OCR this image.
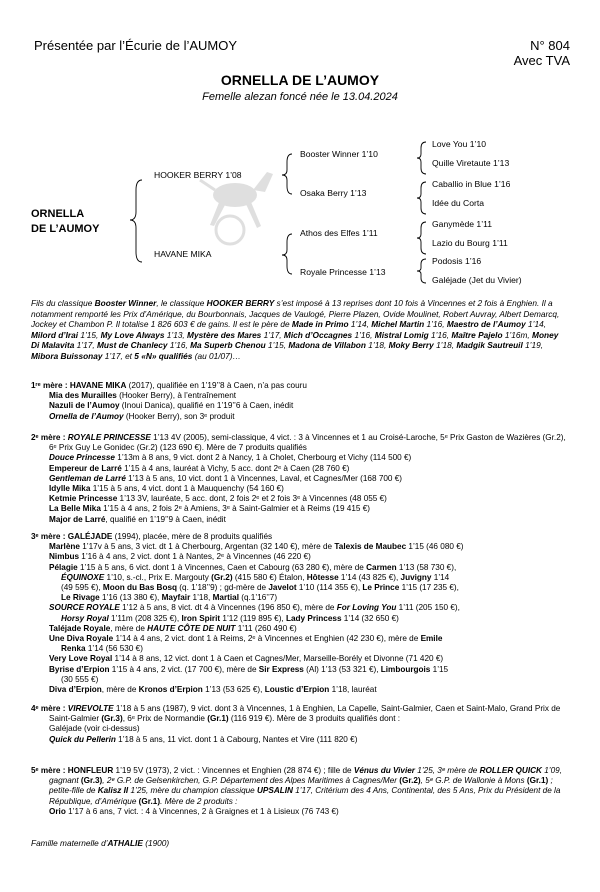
Présentée par l’Écurie de l’AUMOY	N° 804
Avec TVA
ORNELLA DE L’AUMOY
Femelle alezan foncé née le 13.04.2024
ORNELLA
DE L’AUMOY
HOOKER BERRY 1’08
HAVANE MIKA
Booster Winner 1’10
Osaka Berry 1’13
Athos des Elfes 1’11
Royale Princesse 1’13
Love You 1’10
Quille Viretaute 1’13
Caballio in Blue 1’16
Idée du Corta
Ganymède 1’11
Lazio du Bourg 1’11
Podosis 1’16
Galéjade (Jet du Vivier)
Fils du classique Booster Winner, le classique HOOKER BERRY s’est imposé à 13 reprises dont 10 fois à Vincennes et 2 fois à Enghien. Il a notamment remporté les Prix d’Amérique, du Bourbonnais, Jacques de Vaulogé, Pierre Plazen, Ovide Moulinet, Robert Auvray, Albert Demarcq, Jockey et Chambon P. Il totalise 1 826 603 € de gains. Il est le père de Made in Primo 1’14, Michel Martin 1’16, Maestro de l’Aumoy 1’14, Milord d’Irai 1’15, My Love Always 1’13, Mystère des Mares 1’17, Mich d’Occagnes 1’16, Mistral Lomig 1’16, Maître Pajelo 1’16m, Money Di Malavita 1’17, Must de Chanlecy 1’16, Ma Superb Chenou 1’15, Madona de Villabon 1’18, Moky Berry 1’18, Madgik Sautreuil 1’19, Mibora Buissonay 1’17, et 5 «N» qualifiés (au 01/07)…

1ʳᵉ mère : HAVANE MIKA (2017), qualifiée en 1’19’’8 à Caen, n’a pas couru

Mia des Murailles (Hooker Berry), à l’entraînement

Nazuli de l’Aumoy (Inoui Danica), qualifié en 1’19’’6 à Caen, inédit

Ornella de l’Aumoy (Hooker Berry), son 3ᵉ produit

2ᵉ mère : ROYALE PRINCESSE 1’13 4V (2005), semi-classique, 4 vict. : 3 à Vincennes et 1 au Croisé-Laroche, 5ᵉ Prix Gaston de Wazières (Gr.2), 6ᵉ Prix Guy Le Gonidec (Gr.2) (123 690 €). Mère de 7 produits qualifiés

Douce Princesse 1’13m à 8 ans, 9 vict. dont 2 à Nancy, 1 à Cholet, Cherbourg et Vichy (114 500 €)

Empereur de Larré 1’15 à 4 ans, lauréat à Vichy, 5 acc. dont 2ᵉ à Caen (28 760 €)

Gentleman de Larré 1’13 à 5 ans, 10 vict. dont 1 à Vincennes, Laval, et Cagnes/Mer (168 700 €)

Idylle Mika 1’15 à 5 ans, 4 vict. dont 1 à Mauquenchy (54 160 €)

Ketmie Princesse 1’13 3V, lauréate, 5 acc. dont, 2 fois 2ᵉ et 2 fois 3ᵉ à Vincennes (48 055 €)

La Belle Mika 1’15 à 4 ans, 2 fois 2ᵉ à Amiens, 3ᵉ à Saint-Galmier et à Reims (19 415 €)

Major de Larré, qualifié en 1’19’’9 à Caen, inédit

3ᵉ mère : GALÉJADE (1994), placée, mère de 8 produits qualifiés

Marlène 1’17v à 5 ans, 3 vict. dt 1 à Cherbourg, Argentan (32 140 €), mère de Talexis de Maubec 1’15 (46 080 €)

Nimbus 1’16 à 4 ans, 2 vict. dont 1 à Nantes, 2ᵉ à Vincennes (46 220 €)

Pélagie 1’15 à 5 ans, 6 vict. dont 1 à Vincennes, Caen et Cabourg (63 280 €), mère de Carmen 1’13 (58 730 €),

ÉQUINOXE 1’10, s.-cl., Prix E. Margouty (Gr.2) (415 580 €) Étalon, Hôtesse 1’14 (43 825 €), Juvigny 1’14

(49 595 €), Moon du Bas Bosq (q. 1’18’’9) ; gd-mère de Javelot 1’10 (114 355 €), Le Prince 1’15 (17 235 €),

Le Rivage 1’16 (13 380 €), Mayfair 1’18, Martial (q.1’16’’7)

SOURCE ROYALE 1’12 à 5 ans, 8 vict. dt 4 à Vincennes (196 850 €), mère de For Loving You 1’11 (205 150 €),

Horsy Royal 1’11m (208 325 €), Iron Spirit 1’12 (119 895 €), Lady Princess 1’14 (32 650 €)

Taléjade Royale, mère de HAUTE CÔTE DE NUIT 1’11 (260 490 €)

Une Diva Royale 1’14 à 4 ans, 2 vict. dont 1 à Reims, 2ᵉ à Vincennes et Enghien (42 230 €), mère de Emile

Renka 1’14 (56 530 €)

Very Love Royal 1’14 à 8 ans, 12 vict. dont 1 à Caen et Cagnes/Mer, Marseille-Borély et Divonne (71 420 €)

Byrise d’Erpion 1’15 à 4 ans, 2 vict. (17 700 €), mère de Sir Express (Al) 1’13 (53 321 €), Limbourgois 1’15

(30 555 €)

Diva d’Erpion, mère de Kronos d’Erpion 1’13 (53 625 €), Loustic d’Erpion 1’18, lauréat

4ᵉ mère : VIREVOLTE 1’18 à 5 ans (1987), 9 vict. dont 3 à Vincennes, 1 à Enghien, La Capelle, Saint-Galmier, Caen et Saint-Malo, Grand Prix de Saint-Galmier (Gr.3), 6ᵉ Prix de Normandie (Gr.1) (116 919 €). Mère de 3 produits qualifiés dont :

Galéjade (voir ci-dessus)

Quick du Pellerin 1’18 à 5 ans, 11 vict. dont 1 à Cabourg, Nantes et Vire (111 820 €)

5ᵉ mère : HONFLEUR 1’19 5V (1973), 2 vict. : Vincennes et Enghien (28 874 €) ; fille de Vénus du Vivier 1’25, 3ᵉ mère de ROLLER QUICK 1’09, gagnant (Gr.3), 2ᵉ G.P. de Gelsenkirchen, G.P. Département des Alpes Maritimes à Cagnes/Mer (Gr.2), 5ᵉ G.P. de Wallonie à Mons (Gr.1) ; petite-fille de Kalisz II 1’25, mère du champion classique UPSALIN 1’17, Critérium des 4 Ans, Continental, des 5 Ans, Prix du Président de la République, d’Amérique (Gr.1). Mère de 2 produits :

Orio 1’17 à 6 ans, 7 vict. : 4 à Vincennes, 2 à Graignes et 1 à Lisieux (76 743 €)

Famille maternelle d’ATHALIE (1900)
